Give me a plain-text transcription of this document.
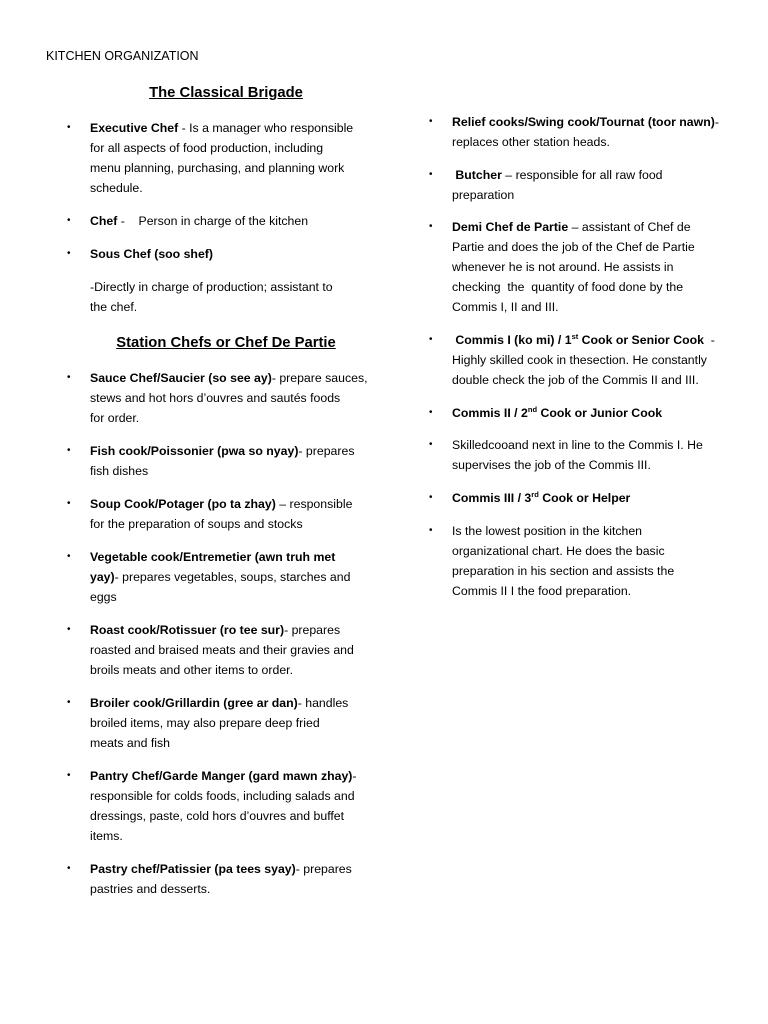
KITCHEN ORGANIZATION
The Classical Brigade
• Executive Chef - Is a manager who responsible
for all aspects of food production, including
menu planning, purchasing, and planning work
schedule.
• Chef -    Person in charge of the kitchen
• Sous Chef (soo shef)
-Directly in charge of production; assistant to
the chef.
Station Chefs or Chef De Partie
• Sauce Chef/Saucier (so see ay)- prepare sauces,
stews and hot hors d’ouvres and sautés foods
for order.
• Fish cook/Poissonier (pwa so nyay)- prepares
fish dishes
• Soup Cook/Potager (po ta zhay) – responsible
for the preparation of soups and stocks
• Vegetable cook/Entremetier (awn truh met
yay)- prepares vegetables, soups, starches and
eggs
• Roast cook/Rotissuer (ro tee sur)- prepares
roasted and braised meats and their gravies and
broils meats and other items to order.
• Broiler cook/Grillardin (gree ar dan)- handles
broiled items, may also prepare deep fried
meats and fish
• Pantry Chef/Garde Manger (gard mawn zhay)-
responsible for colds foods, including salads and
dressings, paste, cold hors d’ouvres and buffet
items.
• Pastry chef/Patissier (pa tees syay)- prepares
pastries and desserts.
• Relief cooks/Swing cook/Tournat (toor nawn)-
replaces other station heads.
• Butcher – responsible for all raw food
preparation
• Demi Chef de Partie – assistant of Chef de
Partie and does the job of the Chef de Partie
whenever he is not around. He assists in
checking  the  quantity of food done by the
Commis I, II and III.
• Commis I (ko mi) / 1st Cook or Senior Cook  -
Highly skilled cook in thesection. He constantly
double check the job of the Commis II and III.
• Commis II / 2nd Cook or Junior Cook
• Skilledcooand next in line to the Commis I. He
supervises the job of the Commis III.
• Commis III / 3rd Cook or Helper
• Is the lowest position in the kitchen
organizational chart. He does the basic
preparation in his section and assists the
Commis II I the food preparation.
